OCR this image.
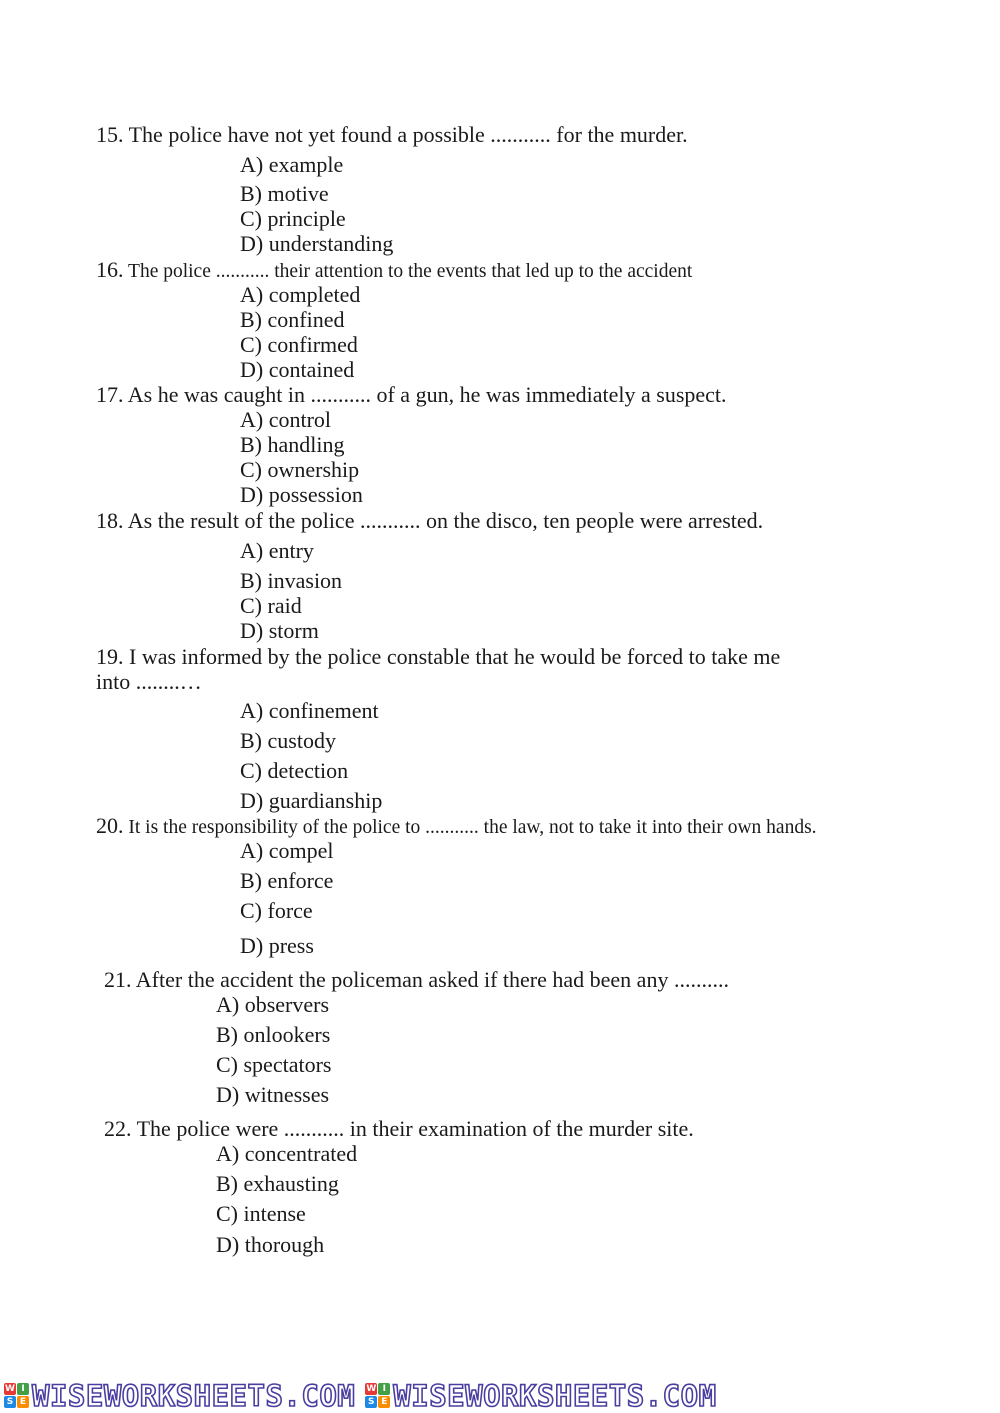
15. The police have not yet found a possible ........... for the murder.
A) example
B) motive
C) principle
D) understanding
16. The police ........... their attention to the events that led up to the accident
A) completed
B) confined
C) confirmed
D) contained
17. As he was caught in ........... of a gun, he was immediately a suspect.
A) control
B) handling
C) ownership
D) possession
18. As the result of the police ........... on the disco, ten people were arrested.
A) entry
B) invasion
C) raid
D) storm
19. I was informed by the police constable that he would be forced to take me
into ........…
A) confinement
B) custody
C) detection
D) guardianship
20. It is the responsibility of the police to ........... the law, not to take it into their own hands.
A) compel
B) enforce
C) force
D) press
21. After the accident the policeman asked if there had been any ..........
A) observers
B) onlookers
C) spectators
D) witnesses
22. The police were ........... in their examination of the murder site.
A) concentrated
B) exhausting
C) intense
D) thorough
W I
S E WISEWORKSHEETS.COM W I
S E WISEWORKSHEETS.COM
